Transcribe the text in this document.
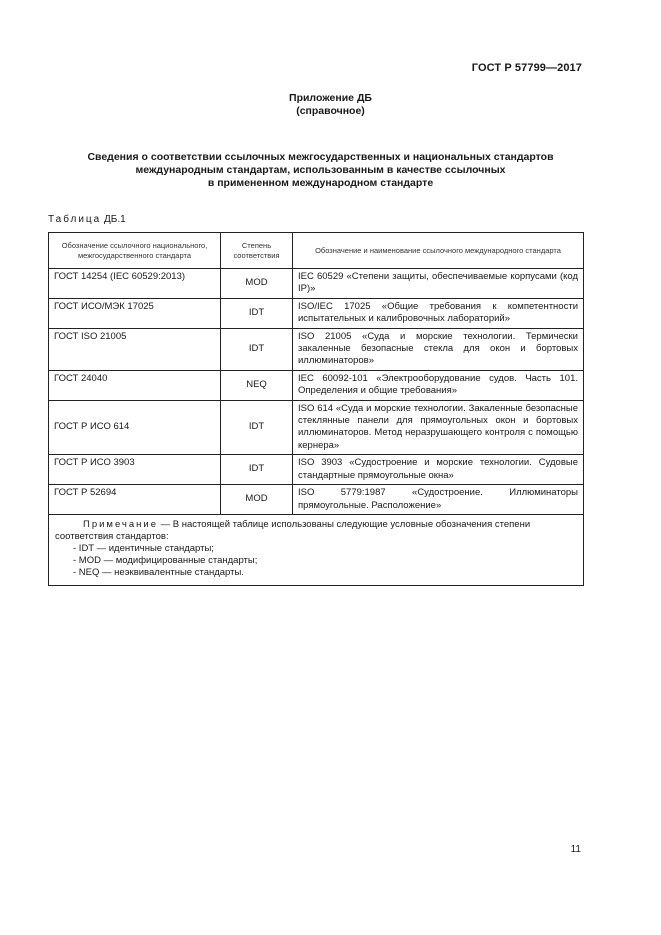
ГОСТ Р 57799—2017
Приложение ДБ
(справочное)
Сведения о соответствии ссылочных межгосударственных и национальных стандартов
международным стандартам, использованным в качестве ссылочных
в примененном международном стандарте
Таблица ДБ.1
Обозначение ссылочного национального, межгосударственного стандарта	Степень соответствия	Обозначение и наименование ссылочного международного стандарта
ГОСТ 14254 (IEC 60529:2013)	MOD	IEC 60529 «Степени защиты, обеспечиваемые корпусами (код IP)»
ГОСТ ИСО/МЭК 17025	IDT	ISO/IEC 17025 «Общие требования к компетентности испытательных и калибровочных лабораторий»
ГОСТ ISO 21005	IDT	ISO 21005 «Суда и морские технологии. Термически закаленные безопасные стекла для окон и бортовых иллюминаторов»
ГОСТ 24040	NEQ	IEC 60092-101 «Электрооборудование судов. Часть 101. Определения и общие требования»
ГОСТ Р ИСО 614	IDT	ISO 614 «Суда и морские технологии. Закаленные безопасные стеклянные панели для прямоугольных окон и бортовых иллюминаторов. Метод неразрушающего контроля с помощью кернера»
ГОСТ Р ИСО 3903	IDT	ISO 3903 «Судостроение и морские технологии. Судовые стандартные прямоугольные окна»
ГОСТ Р 52694	MOD	ISO 5779:1987 «Судостроение. Иллюминаторы прямоугольные. Расположение»

Примечание — В настоящей таблице использованы следующие условные обозначения степени соответствия стандартов:
- IDT — идентичные стандарты;
- MOD — модифицированные стандарты;
- NEQ — неэквивалентные стандарты.		
11
